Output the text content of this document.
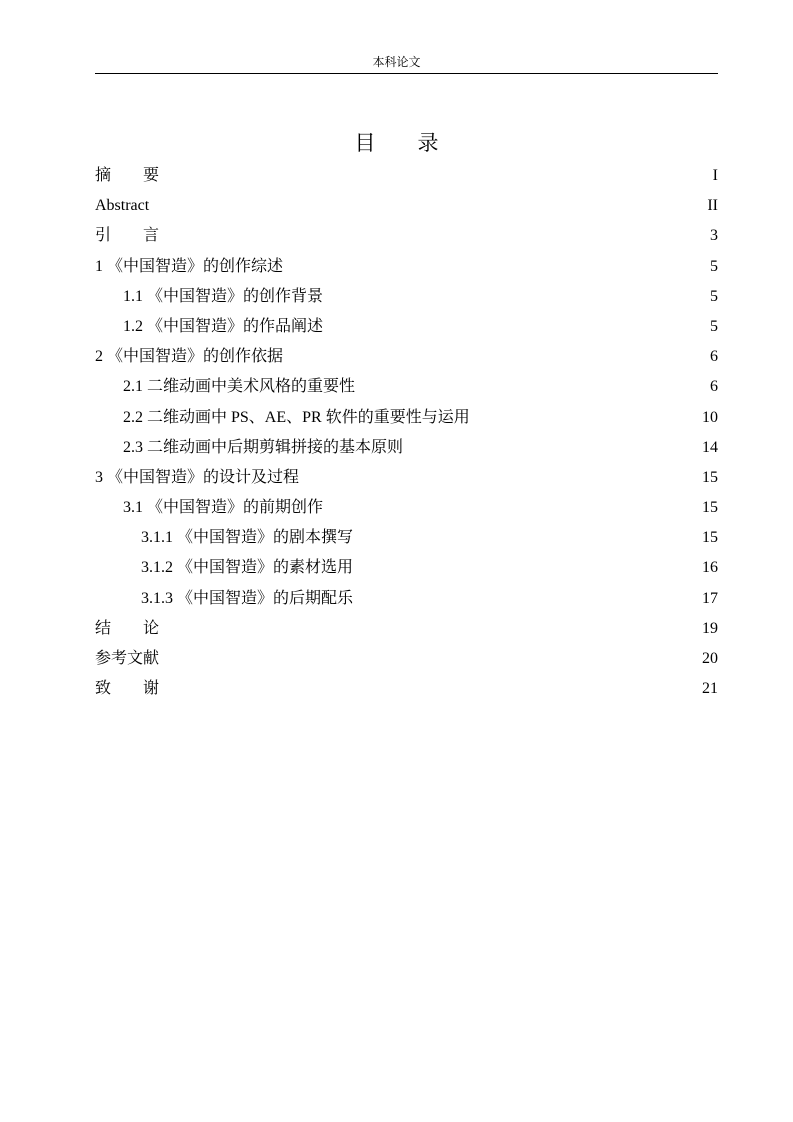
本科论文
目 录
摘　　要	I
Abstract	II
引　　言	3
1 《中国智造》的创作综述	5
1.1 《中国智造》的创作背景	5
1.2 《中国智造》的作品阐述	5
2 《中国智造》的创作依据	6
2.1 二维动画中美术风格的重要性	6
2.2 二维动画中 PS、AE、PR 软件的重要性与运用	10
2.3 二维动画中后期剪辑拼接的基本原则	14
3 《中国智造》的设计及过程	15
3.1 《中国智造》的前期创作	15
3.1.1 《中国智造》的剧本撰写	15
3.1.2 《中国智造》的素材选用	16
3.1.3 《中国智造》的后期配乐	17
结　　论	19
参考文献	20
致　　谢	21
